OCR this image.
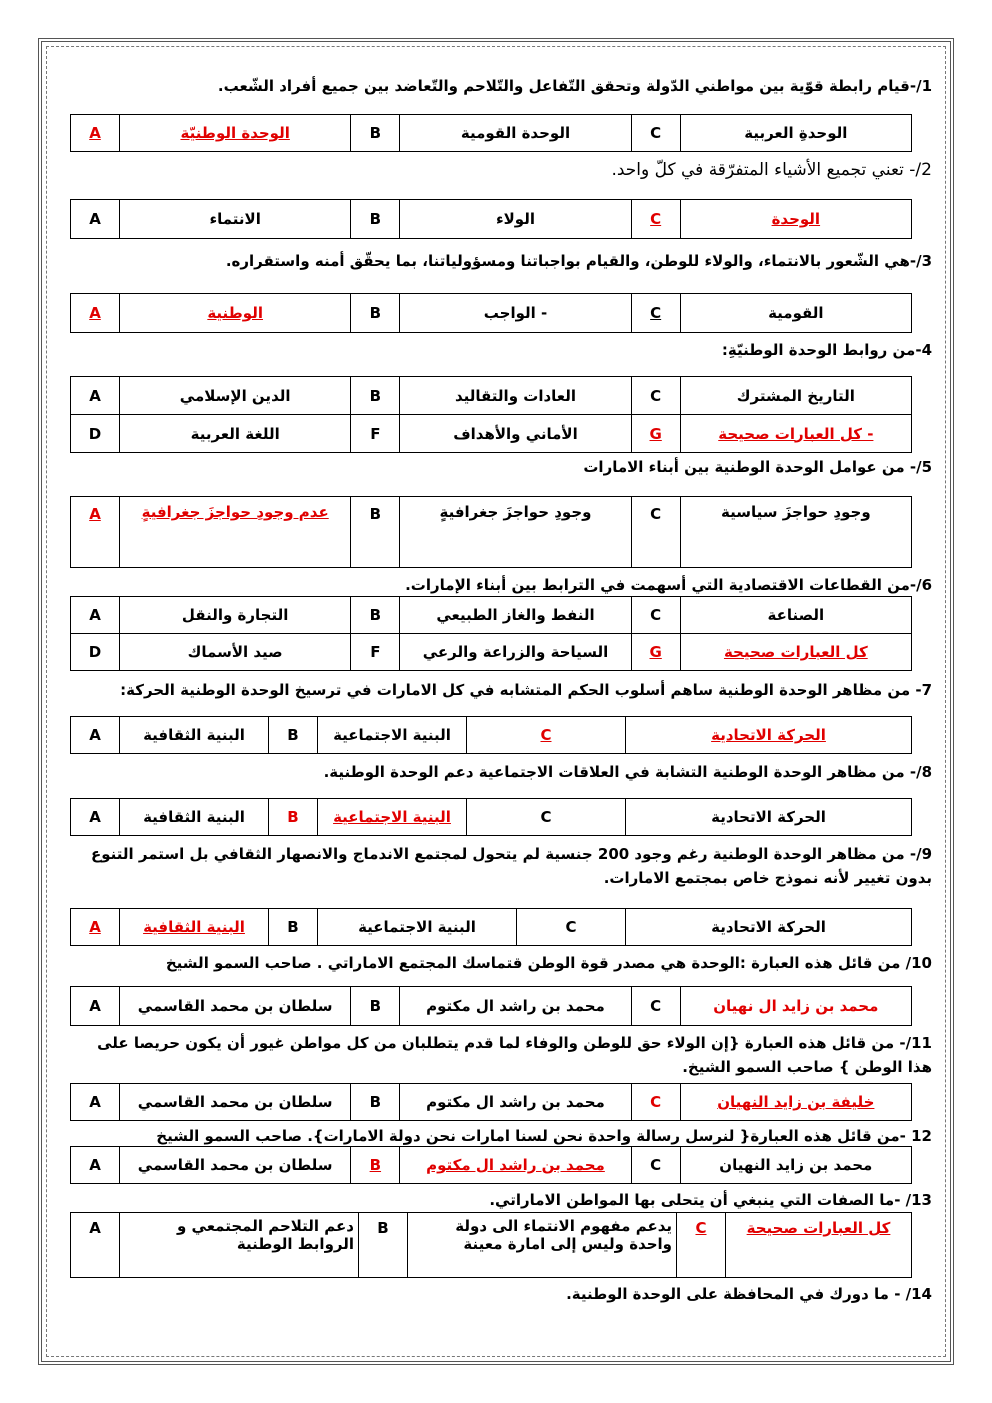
1/-قيام رابطة قوّية بين مواطني الدّولة وتحقق التّفاعل والتّلاحم والتّعاضد بين جميع أفراد الشّعب.
A	الوحدة الوطنيّة	B	الوحدة القومية	C	الوحدةِ العربية
2/- تعني تجميع الأشياء المتفرّقة في كلّ واحد.
A	الانتماء	B	الولاء	C	الوحدة
3/-هي الشّعور بالانتماء، والولاء للوطن، والقيام بواجباتنا ومسؤولياتنا، بما يحقّق أمنه واستقراره.
A	الوطنية	B	- الواجب	C	القومية
4-من روابط الوحدة الوطنيّةِ:
A	الدين الإسلامي	B	العادات والتقاليد	C	التاريخ المشترك
D	اللغة العربية	F	الأماني والأهداف	G	- كل العبارات صحيحة
5/- من عوامل الوحدة الوطنية بين أبناء الامارات
A	عدم وجودِ حواجزَ جغرافيةٍ	B	وجودِ حواجزَ جغرافيةٍ	C	وجودِ حواجزَ سياسية
6/-من القطاعات الاقتصادية التي أسهمت في الترابط بين أبناء الإمارات.
A	التجارة والنقل	B	النفط والغاز الطبيعي	C	الصناعة
D	صيد الأسماك	F	السياحة والزراعة والرعي	G	كل العبارات صحيحة
7- من مظاهر الوحدة الوطنية ساهم أسلوب الحكم المتشابه في كل الامارات في ترسيخ الوحدة الوطنية الحركة:
A	البنية الثقافية	B	البنية الاجتماعية	C	الحركة الاتحادية
8/- من مظاهر الوحدة الوطنية التشابة في العلاقات الاجتماعية دعم الوحدة الوطنية.
A	البنية الثقافية	B	البنية الاجتماعية	C	الحركة الاتحادية
9/- من مظاهر الوحدة الوطنية رغم وجود 200 جنسية لم يتحول لمجتمع الاندماج والانصهار الثقافي بل استمر التنوع بدون تغيير لأنه نموذج خاص بمجتمع الامارات.
A	البنية الثقافية	B	البنية الاجتماعية	C	الحركة الاتحادية
10/ من قائل هذه العبارة :الوحدة هي مصدر قوة الوطن قتماسك المجتمع الاماراتي . صاحب السمو الشيخ
A	سلطان بن محمد القاسمي	B	محمد بن راشد ال مكتوم	C	محمد بن زايد ال نهيان
11/- من قائل هذه العبارة {إن الولاء حق للوطن والوفاء لما قدم يتطلبان من كل مواطن غيور أن يكون حريصا على هذا الوطن } صاحب السمو الشيخ.
A	سلطان بن محمد القاسمي	B	محمد بن راشد ال مكتوم	C	خليفة بن زايد النهيان
12 -من قائل هذه العبارة{ لنرسل رسالة واحدة نحن لسنا امارات نحن دولة الامارات}. صاحب السمو الشيخ
A	سلطان بن محمد القاسمي	B	محمد بن راشد ال مكتوم	C	محمد بن زايد النهيان
13/ -ما الصفات التي ينبغي أن يتحلى بها المواطن الاماراتي.
A	دعم التلاحم المجتمعي و الروابط الوطنية	B	يدعم مفهوم الانتماء الى دولة واحدة وليس إلى امارة معينة	C	كل العبارات صحيحة
14/ - ما دورك في المحافظة على الوحدة الوطنية.
